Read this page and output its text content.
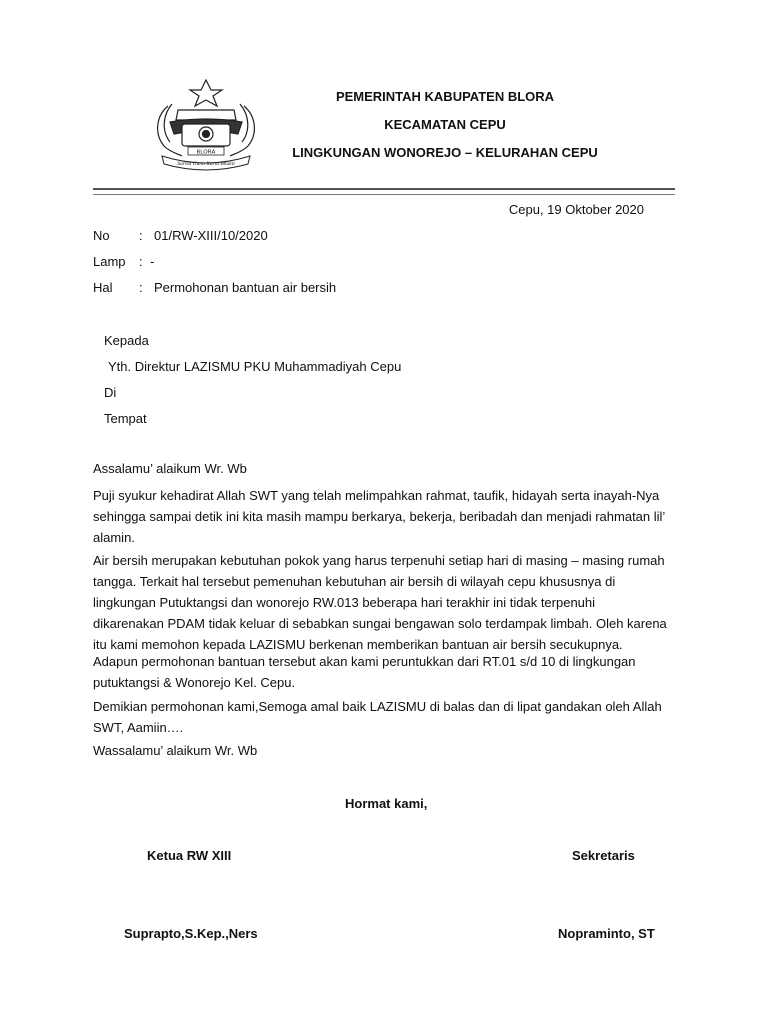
BLORA
Sarwa Guna Karta Bhakti
PEMERINTAH KABUPATEN BLORA
KECAMATAN CEPU
LINGKUNGAN WONOREJO – KELURAHAN CEPU
Cepu, 19 Oktober 2020
No : 01/RW-XIII/10/2020
Lamp : -
Hal : Permohonan bantuan air bersih
Kepada
Yth. Direktur LAZISMU PKU Muhammadiyah Cepu
Di
Tempat
Assalamu’ alaikum Wr. Wb
Puji syukur kehadirat Allah SWT yang telah melimpahkan rahmat, taufik, hidayah serta inayah-Nya
sehingga sampai detik ini kita masih mampu berkarya, bekerja, beribadah dan menjadi rahmatan lil’
alamin.
Air bersih merupakan kebutuhan pokok yang harus terpenuhi setiap hari di masing – masing rumah
tangga. Terkait hal tersebut pemenuhan kebutuhan air bersih di wilayah cepu khususnya di
lingkungan Putuktangsi dan wonorejo RW.013 beberapa hari terakhir ini tidak terpenuhi
dikarenakan PDAM tidak keluar di sebabkan sungai bengawan solo terdampak limbah. Oleh karena
itu kami memohon kepada LAZISMU berkenan memberikan bantuan air bersih secukupnya.
Adapun permohonan bantuan tersebut akan kami peruntukkan dari RT.01 s/d 10 di lingkungan
putuktangsi & Wonorejo Kel. Cepu.
Demikian permohonan kami,Semoga amal baik LAZISMU di balas dan di lipat gandakan oleh Allah
SWT, Aamiin….
Wassalamu’ alaikum Wr. Wb
Hormat kami,
Ketua RW XIII	Sekretaris
Suprapto,S.Kep.,Ners	Nopraminto, ST
